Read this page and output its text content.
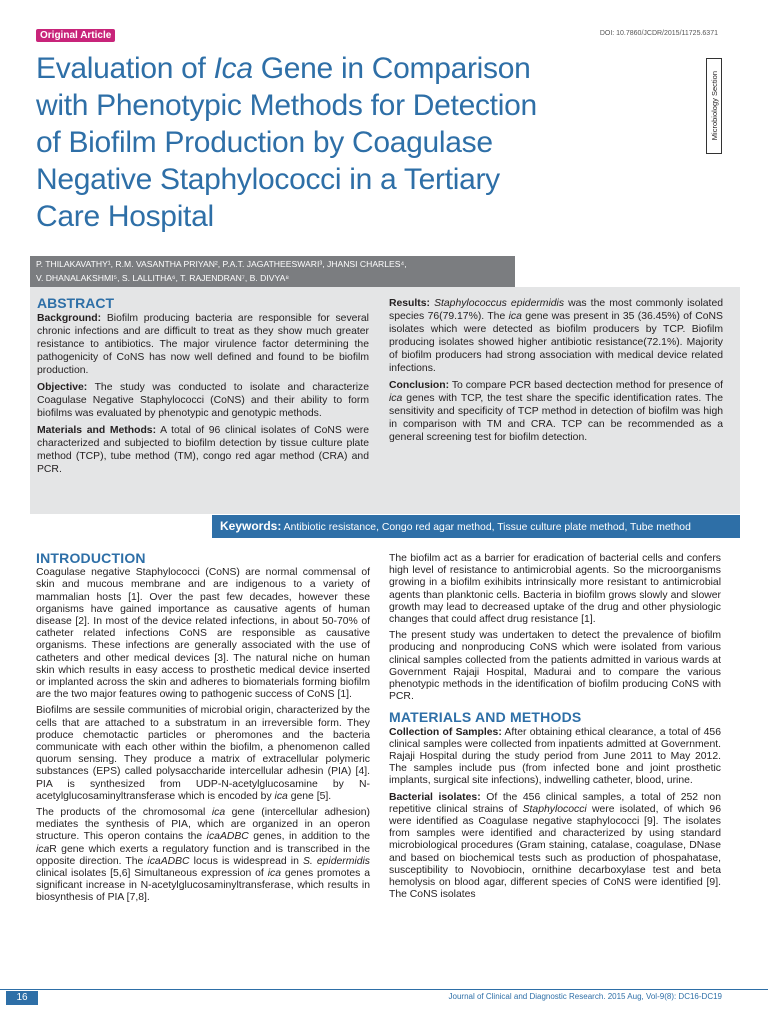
Original Article	DOI: 10.7860/JCDR/2015/11725.6371
Evaluation of Ica Gene in Comparison
with Phenotypic Methods for Detection
of Biofilm Production by Coagulase
Negative Staphylococci in a Tertiary
Care Hospital
Microbiology Section
P. THILAKAVATHY¹, R.M. VASANTHA PRIYAN², P.A.T. JAGATHEESWARI³, JHANSI CHARLES⁴,
V. DHANALAKSHMI⁵, S. LALLITHA⁶, T. RAJENDRAN⁷, B. DIVYA⁸
ABSTRACT

Background: Biofilm producing bacteria are responsible for several chronic infections and are difficult to treat as they show much greater resistance to antibiotics. The major virulence factor determining the pathogenicity of CoNS has now well defined and found to be biofilm production.

Objective: The study was conducted to isolate and characterize Coagulase Negative Staphylococci (CoNS) and their ability to form biofilms was evaluated by phenotypic and genotypic methods.

Materials and Methods: A total of 96 clinical isolates of CoNS were characterized and subjected to biofilm detection by tissue culture plate method (TCP), tube method (TM), congo red agar method (CRA) and PCR.

Results: Staphylococcus epidermidis was the most commonly isolated species 76(79.17%). The ica gene was present in 35 (36.45%) of CoNS isolates which were detected as biofilm producers by TCP. Biofilm producing isolates showed higher antibiotic resistance(72.1%). Majority of biofilm producers had strong association with medical device related infections.

Conclusion: To compare PCR based dectection method for presence of ica genes with TCP, the test share the specific identification rates. The sensitivity and specificity of TCP method in detection of biofilm was high in comparison with TM and CRA. TCP can be recommended as a general screening test for biofilm detection.

Keywords: Antibiotic resistance, Congo red agar method, Tissue culture plate method, Tube method
INTRODUCTION

Coagulase negative Staphylococci (CoNS) are normal commensal of skin and mucous membrane and are indigenous to a variety of mammalian hosts [1]. Over the past few decades, however these organisms have gained importance as causative agents of human disease [2]. In most of the device related infections, in about 50-70% of catheter related infections CoNS are responsible as causative organisms. These infections are generally associated with the use of catheters and other medical devices [3]. The natural niche on human skin which results in easy access to prosthetic medical device inserted or implanted across the skin and adheres to biomaterials forming biofilm are the two major features owing to pathogenic success of CoNS [1].

Biofilms are sessile communities of microbial origin, characterized by the cells that are attached to a substratum in an irreversible form. They produce chemotactic particles or pheromones and the bacteria communicate with each other within the biofilm, a phenomenon called quorum sensing. They produce a matrix of extracellular polymeric substances (EPS) called polysaccharide intercellular adhesin (PIA) [4]. PIA is synthesized from UDP-N-acetylglucosamine by N-acetylglucosaminyltransferase which is encoded by ica gene [5].

The products of the chromosomal ica gene (intercellular adhesion) mediates the synthesis of PIA, which are organized in an operon structure. This operon contains the icaADBC genes, in addition to the icaR gene which exerts a regulatory function and is transcribed in the opposite direction. The icaADBC locus is widespread in S. epidermidis clinical isolates [5,6] Simultaneous expression of ica genes promotes a significant increase in N-acetylglucosaminyltransferase, which results in biosynthesis of PIA [7,8].

The biofilm act as a barrier for eradication of bacterial cells and confers high level of resistance to antimicrobial agents. So the microorganisms growing in a biofilm exihibits intrinsically more resistant to antimicrobial agents than planktonic cells. Bacteria in biofilm grows slowly and slower growth may lead to decreased uptake of the drug and other physiologic changes that could affect drug resistance [1].

The present study was undertaken to detect the prevalence of biofilm producing and nonproducing CoNS which were isolated from various clinical samples collected from the patients admitted in various wards at Government Rajaji Hospital, Madurai and to compare the various phenotypic methods in the identification of biofilm producing CoNS with PCR.

MATERIALS AND METHODS

Collection of Samples: After obtaining ethical clearance, a total of 456 clinical samples were collected from inpatients admitted at Government. Rajaji Hospital during the study period from June 2011 to May 2012. The samples include pus (from infected bone and joint prosthetic implants, surgical site infections), indwelling catheter, blood, urine.

Bacterial isolates: Of the 456 clinical samples, a total of 252 non repetitive clinical strains of Staphylococci were isolated, of which 96 were identified as Coagulase negative staphylococci [9]. The isolates from samples were identified and characterized by using standard microbiological procedures (Gram staining, catalase, coagulase, DNase and based on biochemical tests such as production of phospahatase, susceptibility to Novobiocin, ornithine decarboxylase test and beta hemolysis on blood agar, different species of CoNS were identified [9]. The CoNS isolates

16	Journal of Clinical and Diagnostic Research. 2015 Aug, Vol-9(8): DC16-DC19
